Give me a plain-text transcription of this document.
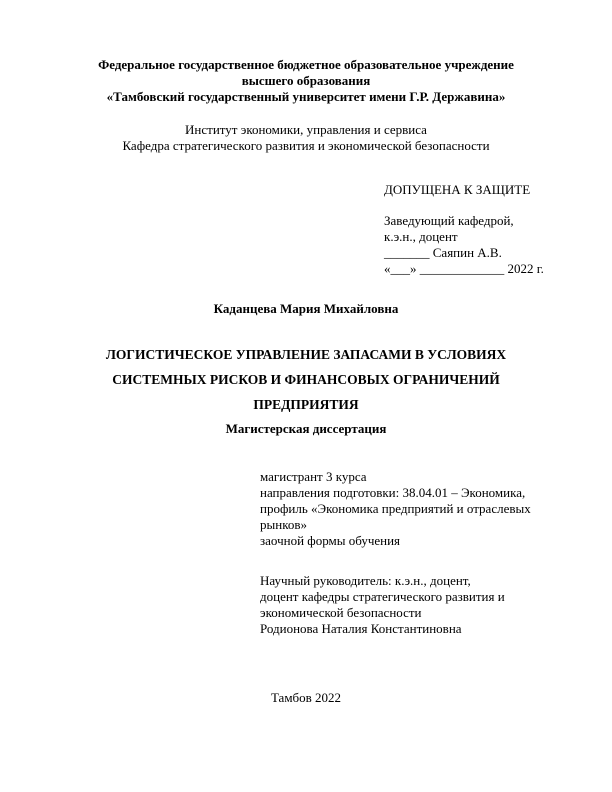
Федеральное государственное бюджетное образовательное учреждение
высшего образования
«Тамбовский государственный университет имени Г.Р. Державина»
Институт экономики, управления и сервиса
Кафедра стратегического развития и экономической безопасности
ДОПУЩЕНА К ЗАЩИТЕ
Заведующий кафедрой,
к.э.н., доцент
_______ Саяпин А.В.
«___» _____________ 2022 г.
Каданцева Мария Михайловна
ЛОГИСТИЧЕСКОЕ УПРАВЛЕНИЕ ЗАПАСАМИ В УСЛОВИЯХ
СИСТЕМНЫХ РИСКОВ И ФИНАНСОВЫХ ОГРАНИЧЕНИЙ
ПРЕДПРИЯТИЯ
Магистерская диссертация
магистрант 3 курса
направления подготовки: 38.04.01 – Экономика,
профиль «Экономика предприятий и отраслевых
рынков»
заочной формы обучения
Научный руководитель: к.э.н., доцент,
доцент кафедры стратегического развития и
экономической безопасности
Родионова Наталия Константиновна
Тамбов 2022
